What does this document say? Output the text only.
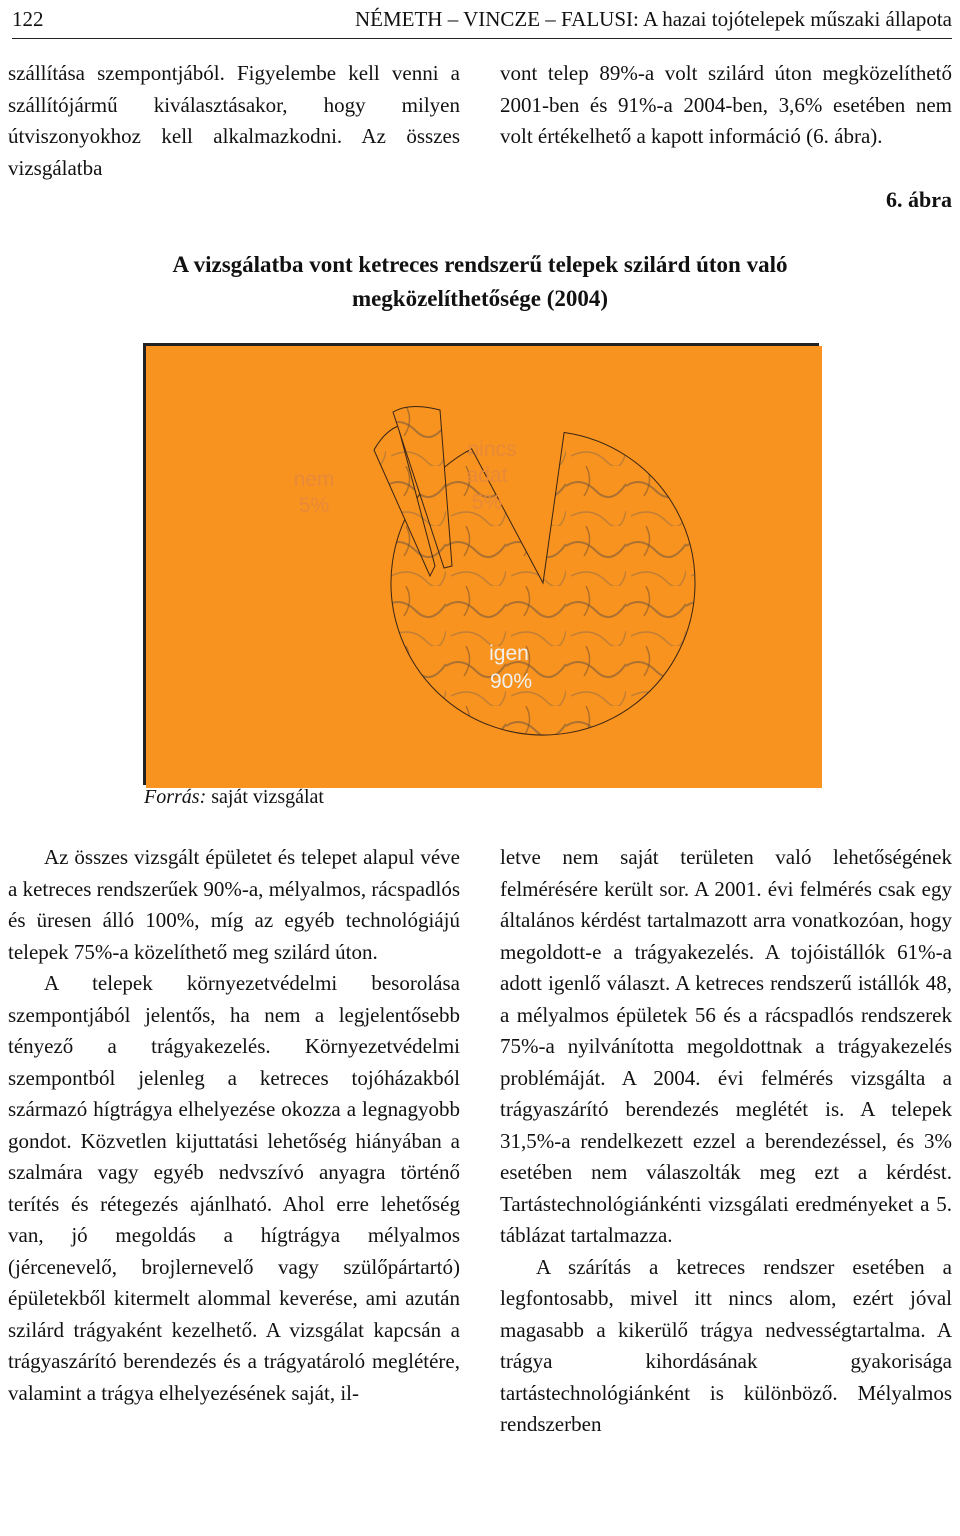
122	NÉMETH – VINCZE – FALUSI: A hazai tojótelepek műszaki állapota

szállítása szempontjából. Figyelembe kell venni a szállítójármű kiválasztásakor, hogy milyen útviszonyokhoz kell alkalmazkodni. Az összes vizsgálatba

vont telep 89%-a volt szilárd úton megközelíthető 2001-ben és 91%-a 2004-ben, 3,6% esetében nem volt értékelhető a kapott információ (6. ábra).

6. ábra
A vizsgálatba vont ketreces rendszerű telepek szilárd úton való
megközelíthetősége (2004)
nem
5%
nincs
adat
5%
igen
90%
Forrás: saját vizsgálat

Az összes vizsgált épületet és telepet alapul véve a ketreces rendszerűek 90%-a, mélyalmos, rácspadlós és üresen álló 100%, míg az egyéb technológiájú telepek 75%-a közelíthető meg szilárd úton.

A telepek környezetvédelmi besorolása szempontjából jelentős, ha nem a legjelentősebb tényező a trágyakezelés. Környezetvédelmi szempontból jelenleg a ketreces tojóházakból származó hígtrágya elhelyezése okozza a legnagyobb gondot. Közvetlen kijuttatási lehetőség hiányában a szalmára vagy egyéb nedvszívó anyagra történő terítés és rétegezés ajánlható. Ahol erre lehetőség van, jó megoldás a hígtrágya mélyalmos (jércenevelő, brojlernevelő vagy szülőpártartó) épületekből kitermelt alommal keverése, ami azután szilárd trágyaként kezelhető. A vizsgálat kapcsán a trágyaszárító berendezés és a trágyatároló meglétére, valamint a trágya elhelyezésének saját, il-

letve nem saját területen való lehetőségének felmérésére került sor. A 2001. évi felmérés csak egy általános kérdést tartalmazott arra vonatkozóan, hogy megoldott-e a trágyakezelés. A tojóistállók 61%-a adott igenlő választ. A ketreces rendszerű istállók 48, a mélyalmos épületek 56 és a rácspadlós rendszerek 75%-a nyilvánította megoldottnak a trágyakezelés problémáját. A 2004. évi felmérés vizsgálta a trágyaszárító berendezés meglétét is. A telepek 31,5%-a rendelkezett ezzel a berendezéssel, és 3% esetében nem válaszolták meg ezt a kérdést. Tartástechnológiánkénti vizsgálati eredményeket a 5. táblázat tartalmazza.

A szárítás a ketreces rendszer esetében a legfontosabb, mivel itt nincs alom, ezért jóval magasabb a kikerülő trágya nedvességtartalma. A trágya kihordásának gyakorisága tartástechnológiánként is különböző. Mélyalmos rendszerben
